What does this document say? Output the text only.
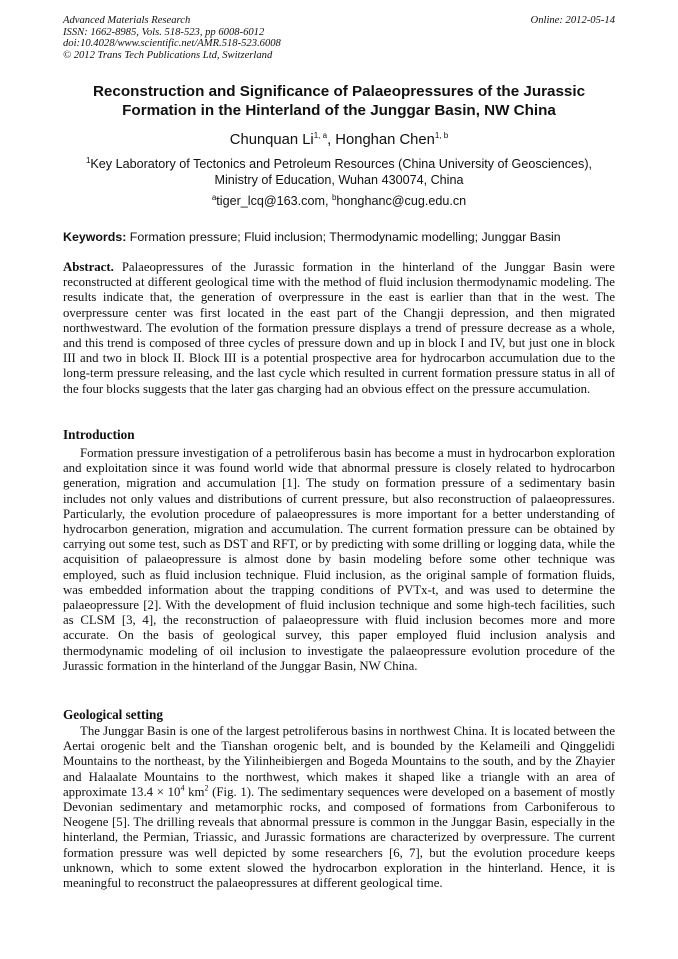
Advanced Materials Research
ISSN: 1662-8985, Vols. 518-523, pp 6008-6012
doi:10.4028/www.scientific.net/AMR.518-523.6008
© 2012 Trans Tech Publications Ltd, Switzerland
Online: 2012-05-14
Reconstruction and Significance of Palaeopressures of the Jurassic Formation in the Hinterland of the Junggar Basin, NW China
Chunquan Li$^{1, a}$, Honghan Chen$^{1, b}$
$^1$Key Laboratory of Tectonics and Petroleum Resources (China University of Geosciences), Ministry of Education, Wuhan 430074, China
$^a$tiger_lcq@163.com, $^b$honghanc@cug.edu.cn
Keywords: Formation pressure; Fluid inclusion; Thermodynamic modelling; Junggar Basin
Abstract. Palaeopressures of the Jurassic formation in the hinterland of the Junggar Basin were reconstructed at different geological time with the method of fluid inclusion thermodynamic modeling. The results indicate that, the generation of overpressure in the east is earlier than that in the west. The overpressure center was first located in the east part of the Changji depression, and then migrated northwestward. The evolution of the formation pressure displays a trend of pressure decrease as a whole, and this trend is composed of three cycles of pressure down and up in block I and IV, but just one in block III and two in block II. Block III is a potential prospective area for hydrocarbon accumulation due to the long-term pressure releasing, and the last cycle which resulted in current formation pressure status in all of the four blocks suggests that the later gas charging had an obvious effect on the pressure accumulation.
Introduction
Formation pressure investigation of a petroliferous basin has become a must in hydrocarbon exploration and exploitation since it was found world wide that abnormal pressure is closely related to hydrocarbon generation, migration and accumulation [1]. The study on formation pressure of a sedimentary basin includes not only values and distributions of current pressure, but also reconstruction of palaeopressures. Particularly, the evolution procedure of palaeopressures is more important for a better understanding of hydrocarbon generation, migration and accumulation. The current formation pressure can be obtained by carrying out some test, such as DST and RFT, or by predicting with some drilling or logging data, while the acquisition of palaeopressure is almost done by basin modeling before some other technique was employed, such as fluid inclusion technique. Fluid inclusion, as the original sample of formation fluids, was embedded information about the trapping conditions of PVTx-t, and was used to determine the palaeopressure [2]. With the development of fluid inclusion technique and some high-tech facilities, such as CLSM [3, 4], the reconstruction of palaeopressure with fluid inclusion becomes more and more accurate. On the basis of geological survey, this paper employed fluid inclusion analysis and thermodynamic modeling of oil inclusion to investigate the palaeopressure evolution procedure of the Jurassic formation in the hinterland of the Junggar Basin, NW China.
Geological setting
The Junggar Basin is one of the largest petroliferous basins in northwest China. It is located between the Aertai orogenic belt and the Tianshan orogenic belt, and is bounded by the Kelameili and Qinggelidi Mountains to the northeast, by the Yilinheibiergen and Bogeda Mountains to the south, and by the Zhayier and Halaalate Mountains to the northwest, which makes it shaped like a triangle with an area of approximate $13.4 \times 10^4$ $km^2$ (Fig. 1). The sedimentary sequences were developed on a basement of mostly Devonian sedimentary and metamorphic rocks, and composed of formations from Carboniferous to Neogene [5]. The drilling reveals that abnormal pressure is common in the Junggar Basin, especially in the hinterland, the Permian, Triassic, and Jurassic formations are characterized by overpressure. The current formation pressure was well depicted by some researchers [6, 7], but the evolution procedure keeps unknown, which to some extent slowed the hydrocarbon exploration in the hinterland. Hence, it is meaningful to reconstruct the palaeopressures at different geological time.
